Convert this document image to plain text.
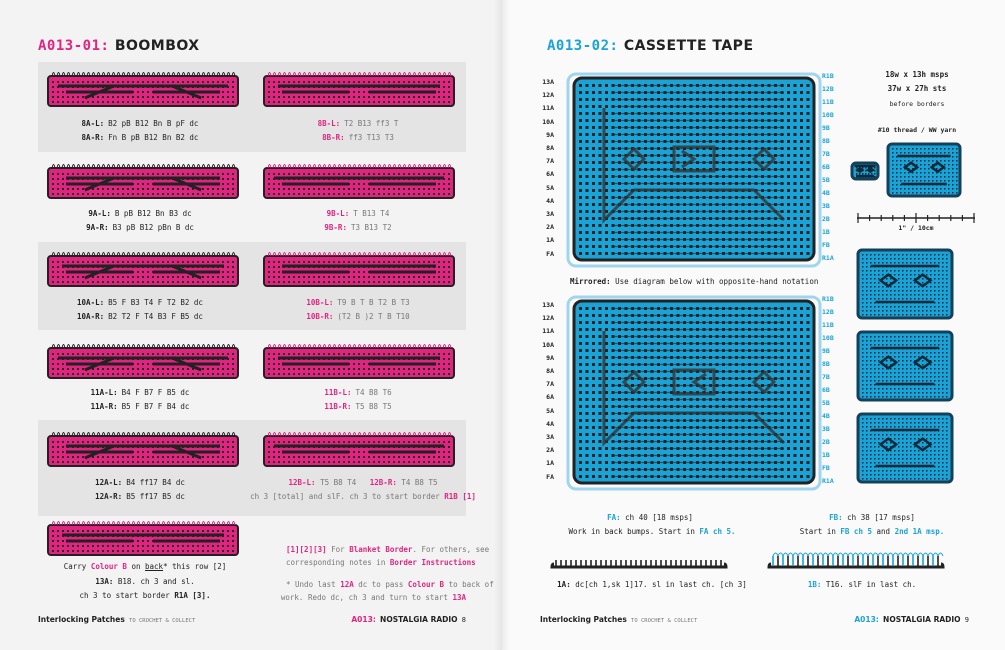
A013-01: BOOMBOX
8A-L: B2 pB B12 Bn B pF dc
8A-R: Fn B pB B12 Bn B2 dc
8B-L: T2 B13 ff3 T
8B-R: ff3 T13 T3
9A-L: B pB B12 Bn B3 dc
9A-R: B3 pB B12 pBn B dc
9B-L: T B13 T4
9B-R: T3 B13 T2
10A-L: B5 F B3 T4 F T2 B2 dc
10A-R: B2 T2 F T4 B3 F B5 dc
10B-L: T9 B T B T2 B T3
10B-R: (T2 B )2 T B T10
11A-L: B4 F B7 F B5 dc
11A-R: B5 F B7 F B4 dc
11B-L: T4 B8 T6
11B-R: T5 B8 T5
12A-L: B4 ff17 B4 dc
12A-R: B5 ff17 B5 dc
12B-L: T5 B8 T4 12B-R: T4 B8 T5
ch 3 [total] and slF. ch 3 to start border R1B [1]
Carry Colour B on back* this row [2]
13A: B18. ch 3 and sl.
ch 3 to start border R1A [3].
[1][2][3] For Blanket Border. For others, see
corresponding notes in Border Instructions
* Undo last 12A dc to pass Colour B to back of
work. Redo dc, ch 3 and turn to start 13A
Interlocking Patches TO CROCHET & COLLECT	A013: NOSTALGIA RADIO 8
A013-02: CASSETTE TAPE
13A
12A
11A
10A
9A
8A
7A
6A
5A
4A
3A
2A
1A
FA
R1B
12B
11B
10B
9B
8B
7B
6B
5B
4B
3B
2B
1B
FB
R1A
Mirrored: Use diagram below with opposite-hand notation
13A
12A
11A
10A
9A
8A
7A
6A
5A
4A
3A
2A
1A
FA
R1B
12B
11B
10B
9B
8B
7B
6B
5B
4B
3B
2B
1B
FB
R1A
18w x 13h msps
37w x 27h sts
before borders
#10 thread / WW yarn
1" / 10cm
FA: ch 40 [18 msps]
Work in back bumps. Start in FA ch 5.
FB: ch 38 [17 msps]
Start in FB ch 5 and 2nd 1A msp.
1A: dc[ch 1,sk 1]17. sl in last ch. [ch 3]	1B: T16. slF in last ch.
Interlocking Patches TO CROCHET & COLLECT	A013: NOSTALGIA RADIO 9
